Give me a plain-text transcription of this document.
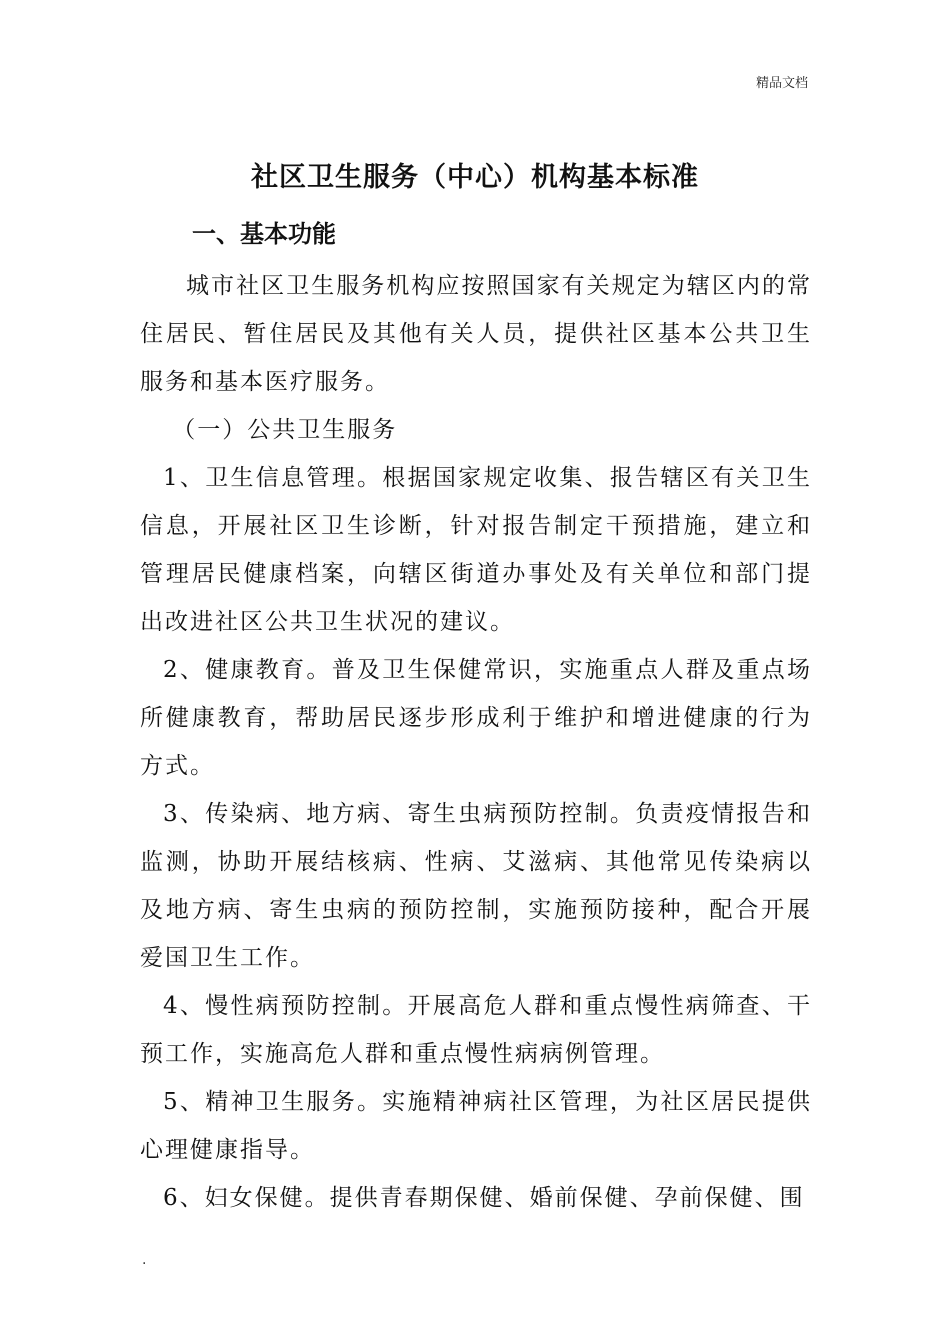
精品文档
社区卫生服务（中心）机构基本标准
一、基本功能

城市社区卫生服务机构应按照国家有关规定为辖区内的常住居民、暂住居民及其他有关人员，提供社区基本公共卫生服务和基本医疗服务。

（一）公共卫生服务

1、卫生信息管理。根据国家规定收集、报告辖区有关卫生信息，开展社区卫生诊断，针对报告制定干预措施，建立和管理居民健康档案，向辖区街道办事处及有关单位和部门提出改进社区公共卫生状况的建议。

2、健康教育。普及卫生保健常识，实施重点人群及重点场所健康教育，帮助居民逐步形成利于维护和增进健康的行为方式。

3、传染病、地方病、寄生虫病预防控制。负责疫情报告和监测，协助开展结核病、性病、艾滋病、其他常见传染病以及地方病、寄生虫病的预防控制，实施预防接种，配合开展爱国卫生工作。

4、慢性病预防控制。开展高危人群和重点慢性病筛查、干预工作，实施高危人群和重点慢性病病例管理。

5、精神卫生服务。实施精神病社区管理，为社区居民提供心理健康指导。

6、妇女保健。提供青春期保健、婚前保健、孕前保健、围

.
